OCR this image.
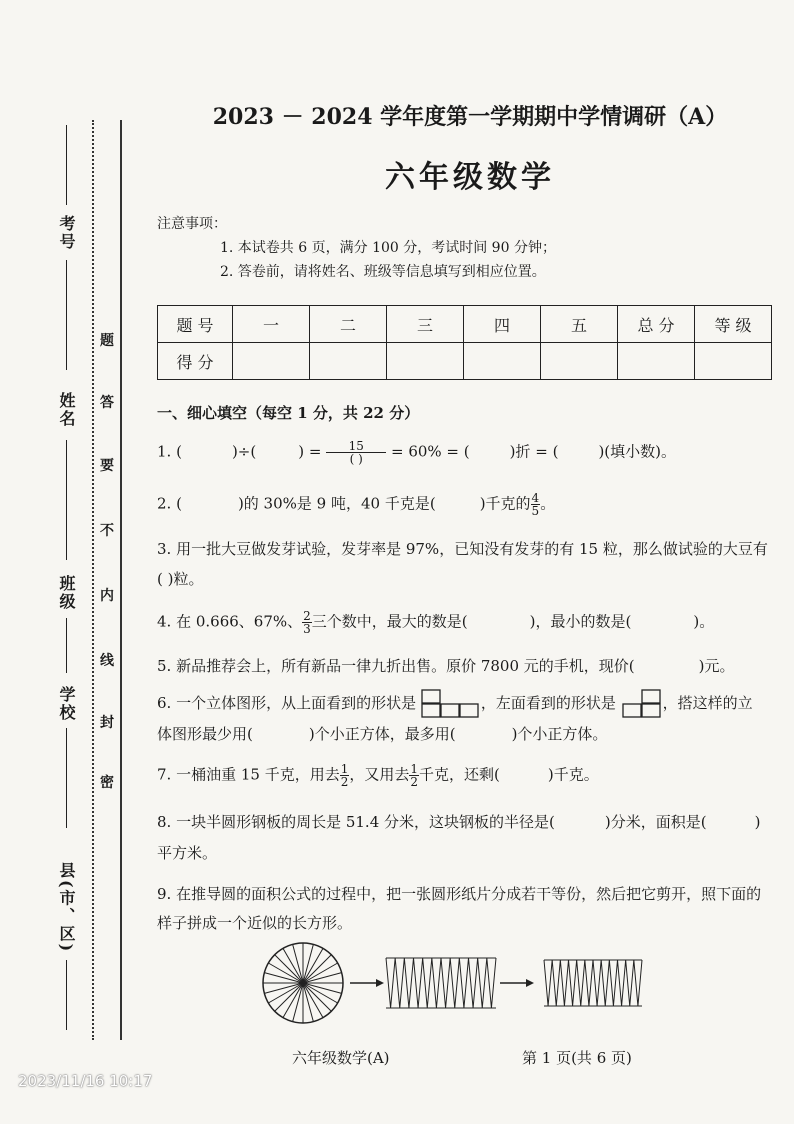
考号
姓名
班级
学校
县(市、区)
题
答
要
不
内
线
封
密
2023 － 2024 学年度第一学期期中学情调研（A）
六年级数学
注意事项：
1. 本试卷共 6 页，满分 100 分，考试时间 90 分钟；
2. 答卷前，请将姓名、班级等信息填写到相应位置。
题 号	一	二	三	四	五	总 分	等 级
得 分							
一、细心填空（每空 1 分，共 22 分）
1. (	)÷(	) = $\frac{15}{( )} = 60\%$ = (	)折 = (	)(填小数)。
2. (	)的 30%是 9 吨，40 千克是(	)千克的 $\frac{4}{5}$ 。
3. 用一批大豆做发芽试验，发芽率是 97%，已知没有发芽的有 15 粒，那么做试验的大豆有
( )粒。
4. 在 0.666、67%、 $\frac{2}{3}$ 三个数中，最大的数是(	)，最小的数是(	)。
5. 新品推荐会上，所有新品一律九折出售。原价 7800 元的手机，现价(	)元。
6. 一个立体图形，从上面看到的形状是	，左面看到的形状是	，搭这样的立
体图形最少用(	)个小正方体，最多用(	)个小正方体。
7. 一桶油重 15 千克，用去 $\frac{1}{2}$ ，又用去 $\frac{1}{2}$ 千克，还剩(	)千克。
8. 一块半圆形钢板的周长是 51.4 分米，这块钢板的半径是(	)分米，面积是(	)
平方米。
9. 在推导圆的面积公式的过程中，把一张圆形纸片分成若干等份，然后把它剪开，照下面的
样子拼成一个近似的长方形。
六年级数学(A)	第 1 页(共 6 页)
2023/11/16 10:17
